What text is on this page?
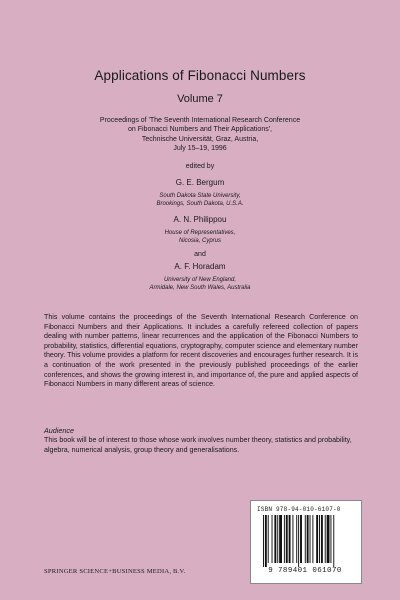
Applications of Fibonacci Numbers
Volume 7
Proceedings of 'The Seventh International Research Conference
on Fibonacci Numbers and Their Applications',
Technische Universität, Graz, Austria,
July 15–19, 1996
edited by
G. E. Bergum
South Dakota State University,
Brookings, South Dakota, U.S.A.
A. N. Philippou
House of Representatives,
Nicosia, Cyprus
and
A. F. Horadam
University of New England,
Armidale, New South Wales, Australia

This volume contains the proceedings of the Seventh International Research Conference on Fibonacci Numbers and their Applications. It includes a carefully refereed collection of papers dealing with number patterns, linear recurrences and the application of the Fibonacci Numbers to probability, statistics, differential equations, cryptography, computer science and elementary number theory. This volume provides a platform for recent discoveries and encourages further research. It is a continuation of the work presented in the previously published proceedings of the earlier conferences, and shows the growing interest in, and importance of, the pure and applied aspects of Fibonacci Numbers in many different areas of science.

Audience

This book will be of interest to those whose work involves number theory, statistics and probability, algebra, numerical analysis, group theory and generalisations.

SPRINGER SCIENCE+BUSINESS MEDIA, B.V.
ISBN 978-94-010-6107-0
9 789401 061070
